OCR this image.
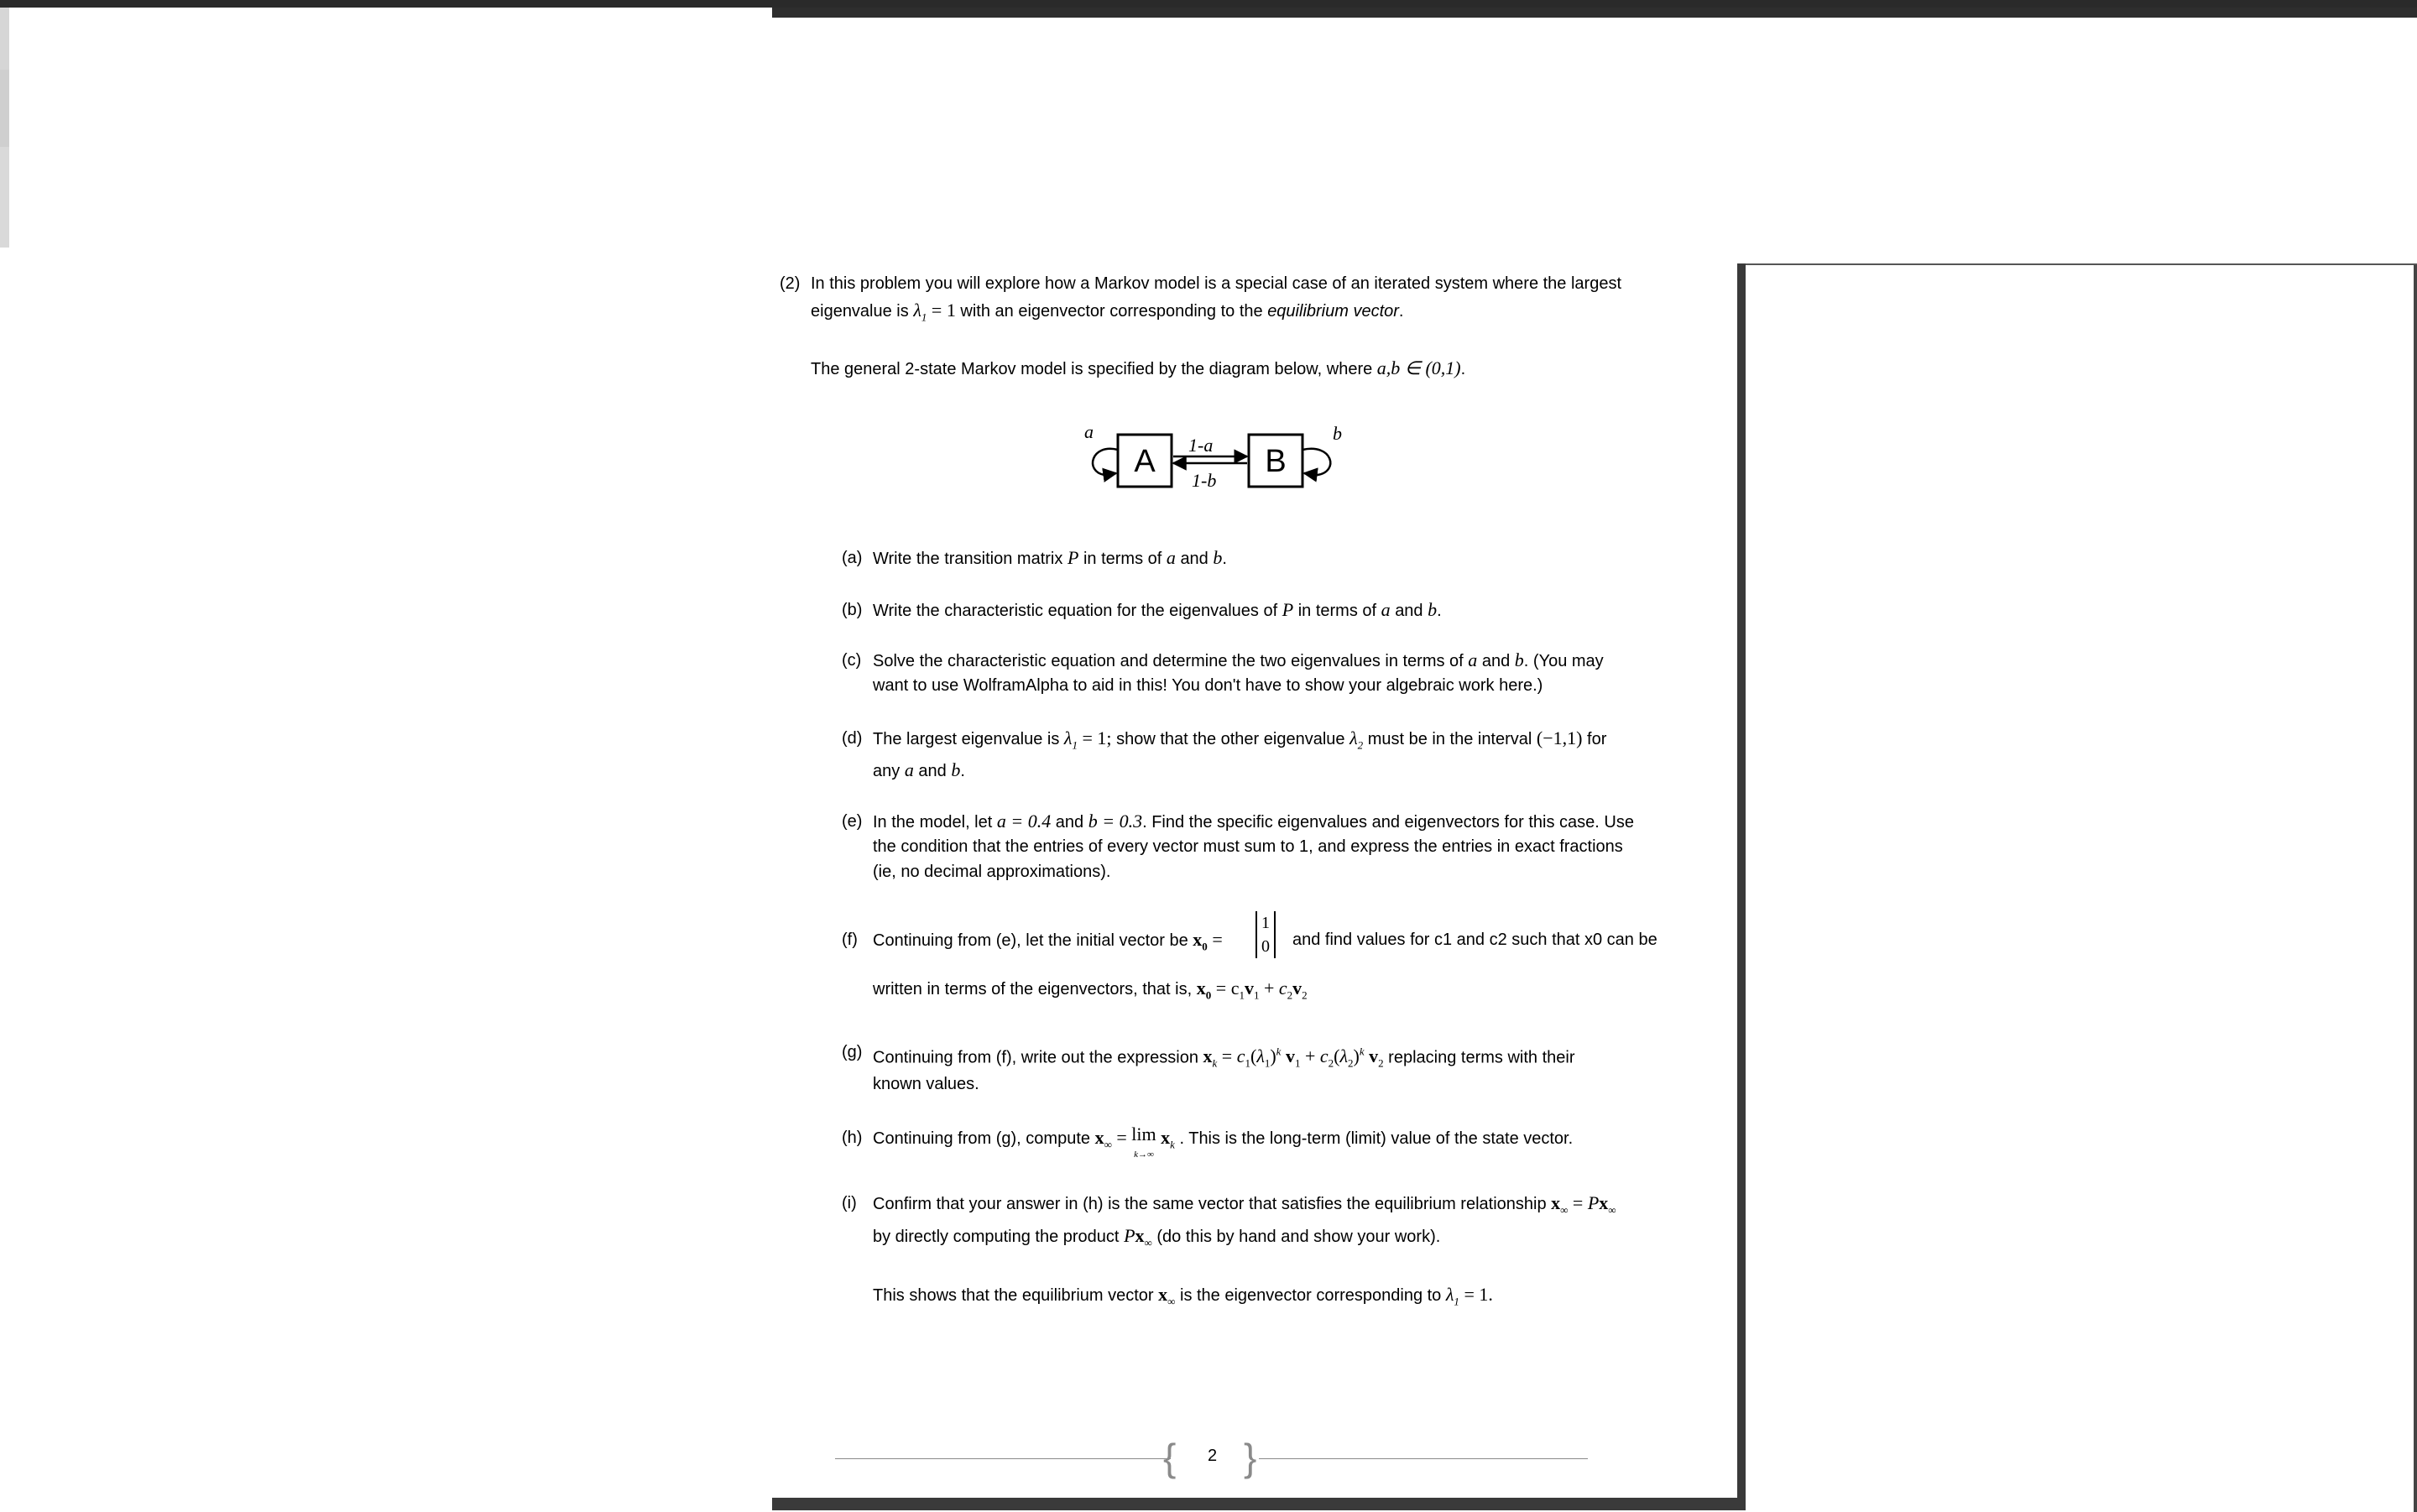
(2) In this problem you will explore how a Markov model is a special case of an iterated system where the largest
eigenvalue is $\lambda_1 = 1$ with an eigenvector corresponding to the equilibrium vector.
The general 2-state Markov model is specified by the diagram below, where a,b ∈ (0,1).
A	B
a	b
1-a
1-b
(a) Write the transition matrix P in terms of a and b.
(b) Write the characteristic equation for the eigenvalues of P in terms of a and b.
(c) Solve the characteristic equation and determine the two eigenvalues in terms of a and b. (You may
want to use WolframAlpha to aid in this! You don't have to show your algebraic work here.)
(d) The largest eigenvalue is $\lambda_1 = 1$; show that the other eigenvalue $\lambda_2$ must be in the interval (−1,1) for
any a and b.
(e) In the model, let a = 0.4 and b = 0.3. Find the specific eigenvalues and eigenvectors for this case. Use
the condition that the entries of every vector must sum to 1, and express the entries in exact fractions
(ie, no decimal approximations).
(f) Continuing from (e), let the initial vector be $x_0$ =
1
0 and find values for c1 and c2 such that x0 can be
written in terms of the eigenvectors, that is, $x_0 = c_1v_1 + c_2v_2$
(g) Continuing from (f), write out the expression $x_k = c_1(\lambda_1)^k$ $v_1 + c_2(\lambda_2)^k$ $v_2$ replacing terms with their
known values.
(h) Continuing from (g), compute $x_\infty = \lim$
k→∞ $x_k$ . This is the long-term (limit) value of the state vector.
(i) Confirm that your answer in (h) is the same vector that satisfies the equilibrium relationship $x_\infty = Px_\infty$
by directly computing the product $Px_\infty$ (do this by hand and show your work).
This shows that the equilibrium vector $x_\infty$ is the eigenvector corresponding to $\lambda_1 = 1$.
{ 2 }
